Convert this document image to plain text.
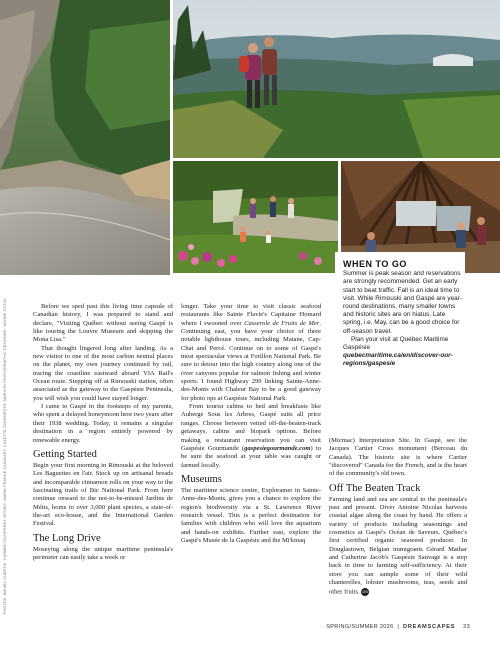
WHEN TO GO

Summer is peak season and reservations are strongly recommended. Get an early start to beat traffic. Fall is an ideal time to visit. While Rimouski and Gaspé are year-round destinations, many smaller towns and historic sites are on hiatus. Late spring, i.e. May, can be a good choice for off-season travel.

Plan your visit at Québec Maritime Gaspésie quebecmaritime.ca/en/discover-our-regions/gaspesie

PHOTOS: MIKAËL GUERTIN; CARMEN GUTIÉRREZ VESSEY; MARIE-FRANCE CASAVANT; COLETTE ZAGROFOTO; MARILYN PHOTOGRAPHIC DESIGNER / ADOBE STOCK	Before we sped past this living time capsule of Canadian history, I was prepared to stand and declare, "Visiting Québec without seeing Gaspé is like touring the Louvre Museum and skipping the Mona Lisa."

That thought lingered long after landing. As a new visitor to one of the most carbon neutral places on the planet, my own journey continued by rail, tracing the coastline eastward aboard VIA Rail's Ocean route. Stepping off at Rimouski station, often associated as the gateway to the Gaspésie Peninsula, you will wish you could have stayed longer.

I came to Gaspé in the footsteps of my parents, who spent a delayed honeymoon here two years after their 1938 wedding. Today, it remains a singular destination in a region entirely powered by renewable energy.

Getting Started

Begin your first morning in Rimouski at the beloved Les Baguettes en l'air. Stock up on artisanal breads and incomparable cinnamon rolls on your way to the fascinating trails of Bic National Park. From here continue onward to the not-to-be-missed Jardins de Métis, home to over 3,000 plant species, a state-of-the-art eco-house, and the International Garden Festival.

The Long Drive

Moseying along the unique maritime peninsula's perimeter can easily take a week or

longer. Take your time to visit classic seafood restaurants like Sainte Flavie's Capitaine Homard where I swooned over Casserole de Fruits de Mer. Continuing east, you have your choice of three notable lighthouse tours, including Matane, Cap-Chat and Percé. Continue on to some of Gaspé's most spectacular views at Forillon National Park. Be sure to detour into the high country along one of the river canyons popular for salmon fishing and winter sports. I found Highway 299 linking Sainte-Anne-des-Monts with Chaleur Bay to be a good gateway for photo ops at Gaspésie National Park.

From tourist cabins to bed and breakfasts like Auberge Sous les Arbres, Gaspé suits all price ranges. Choose between vetted off-the-beaten-track getaways, cabins and biopark options. Before making a restaurant reservation you can visit Gaspésie Gourmande (gaspesiegourmande.com) to be sure the seafood at your table was caught or farmed locally.

Museums

The maritime science centre, Exploramer in Sainte-Anne-des-Monts, gives you a chance to explore the region's biodiversity via a St. Lawrence River research vessel. This is a perfect destination for families with children who will love the aquarium and hands-on exhibits. Further east, explore the Gaspé's Musée de la Gaspésie and the Mi'kmaq

(Micmac) Interpretation Site. In Gaspé, see the Jacques Cartier Cross monument (Berceau du Canada). The historic site is where Cartier "discovered" Canada for the French, and is the heart of the community's old town.

Off The Beaten Track

Farming land and sea are central to the peninsula's past and present. Diver Antoine Nicolas harvests coastal algae along the coast by hand. He offers a variety of products including seasonings and cosmetics at Gaspé's Océan de Saveurs. Québec's first certified organic seaweed producer. In Douglastown, Belgian immigrants Gérard Mathar and Catherine Jacob's Gaspésie Sauvage is a step back in time to farming self-sufficiency. At their store you can sample some of their wild chanterelles, lobster mushrooms, teas, seeds and other fruits. DS

SPRING/SUMMER 2026 | DREAMSCAPES 23
